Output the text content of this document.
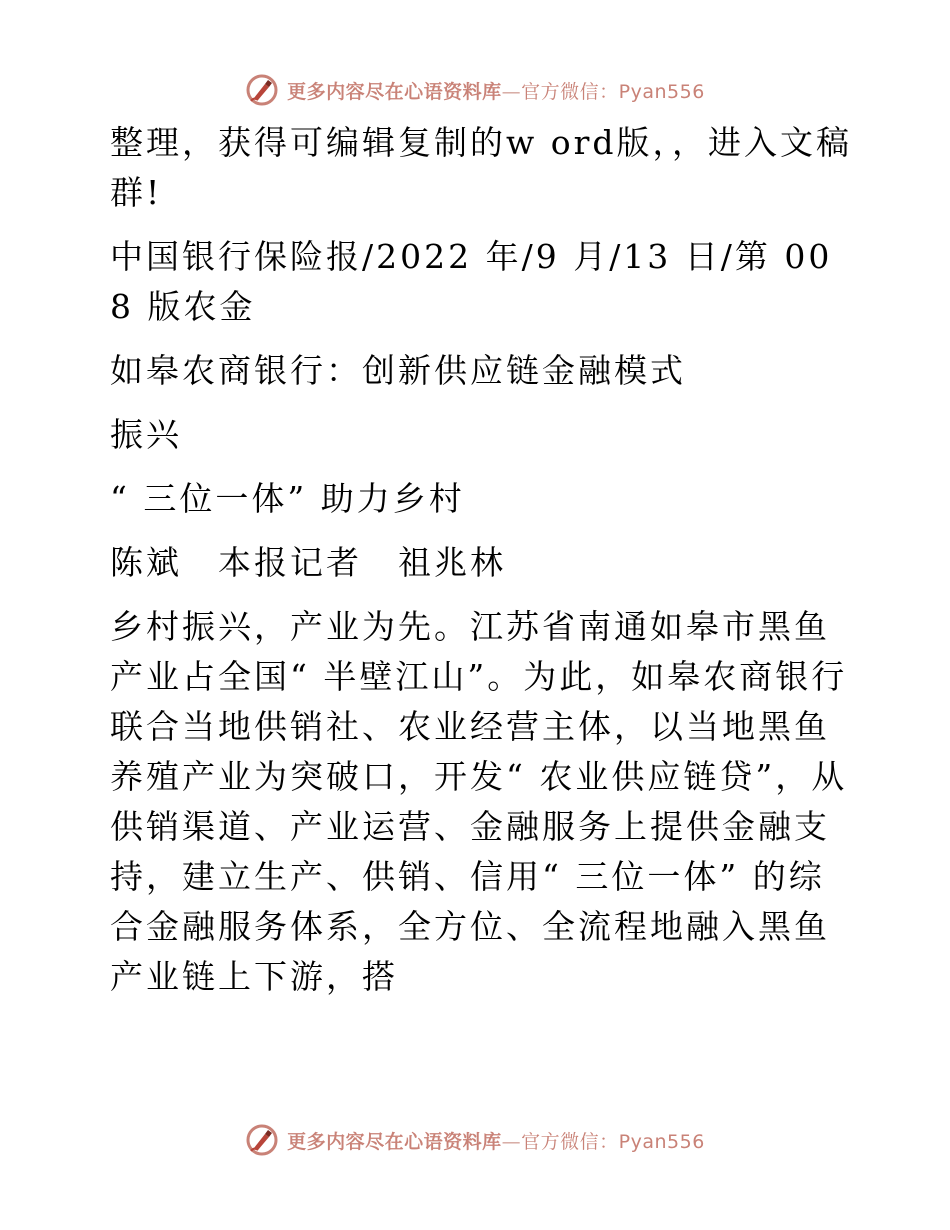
更多内容尽在心语资料库—官方微信：Pyan556

整理，获得可编辑复制的w ord版，，进入文稿群!

中国银行保险报/2022 年/9 月/13 日/第 008 版农金

如皋农商银行：创新供应链金融模式

振兴

“ 三位一体” 助力乡村

陈斌　本报记者　祖兆林

乡村振兴，产业为先。江苏省南通如皋市黑鱼产业占全国“ 半壁江山”。为此，如皋农商银行联合当地供销社、农业经营主体，以当地黑鱼养殖产业为突破口，开发“ 农业供应链贷”，从供销渠道、产业运营、金融服务上提供金融支持，建立生产、供销、信用“ 三位一体” 的综合金融服务体系，全方位、全流程地融入黑鱼产业链上下游，搭

更多内容尽在心语资料库—官方微信：Pyan556
